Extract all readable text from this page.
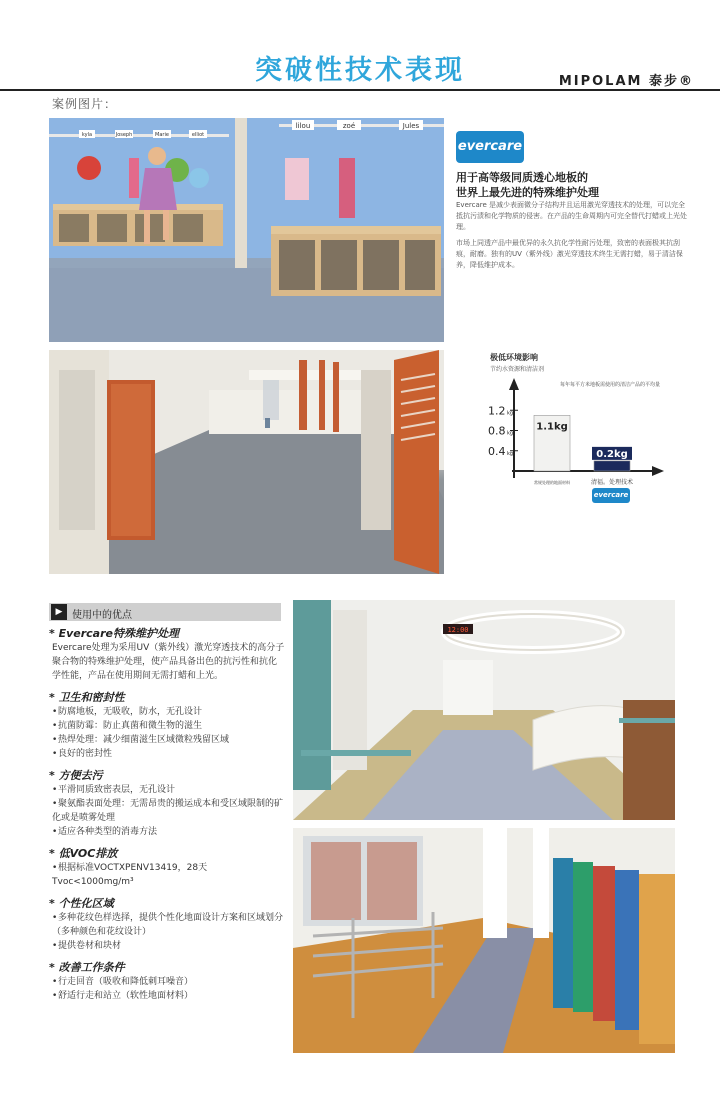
突破性技术表现	MIPOLAM 泰步®
案例图片：
lilou	zoé	Jules
kyla	Joseph	Marie	elliot
evercare
用于高等级同质透心地板的
世界上最先进的特殊维护处理
Evercare 是减少表面微分子结构并且运用激光穿透技术的处理，可以完全抵抗污渍和化学物质的侵害。在产品的生命周期内可完全替代打蜡或上光处理。
市场上同透产品中最优异的永久抗化学性耐污处理，致密的表面极其抗刮痕，耐磨。独有的UV（紫外线）激光穿透技术终生无需打蜡，易于清洁保养，降低维护成本。
极低环境影响
节约水资源和清洁剂
每年每平方米地板需使用的清洁产品的平均量
0.4 kg
0.8 kg
1.2 kg
1.1kg
常规处理的地面材料
0.2kg
清福。处理技术
evercare
▶ 使用中的优点
* Evercare特殊维护处理
Evercare处理为采用UV（紫外线）激光穿透技术的高分子聚合物的特殊维护处理，使产品具备出色的抗污性和抗化学性能，产品在使用期间无需打蜡和上光。
* 卫生和密封性
•防腐地板，无吸收，防水，无孔设计
•抗菌防霉：防止真菌和微生物的滋生
•热焊处理：减少细菌滋生区域微粒残留区域
•良好的密封性
* 方便去污
•平滑同质致密表层，无孔设计
•聚氨酯表面处理：无需昂贵的搬运成本和受区域限制的矿化或是喷雾处理
•适应各种类型的消毒方法
* 低VOC排放
•根据标准VOCTXPENV13419，28天Tvoc<1000mg/m³
* 个性化区域
•多种花纹色样选择，提供个性化地面设计方案和区域划分（多种颜色和花纹设计）
•提供卷材和块材
* 改善工作条件
•行走回音（吸收和降低刺耳噪音）
•舒适行走和站立（软性地面材料）
12:00
